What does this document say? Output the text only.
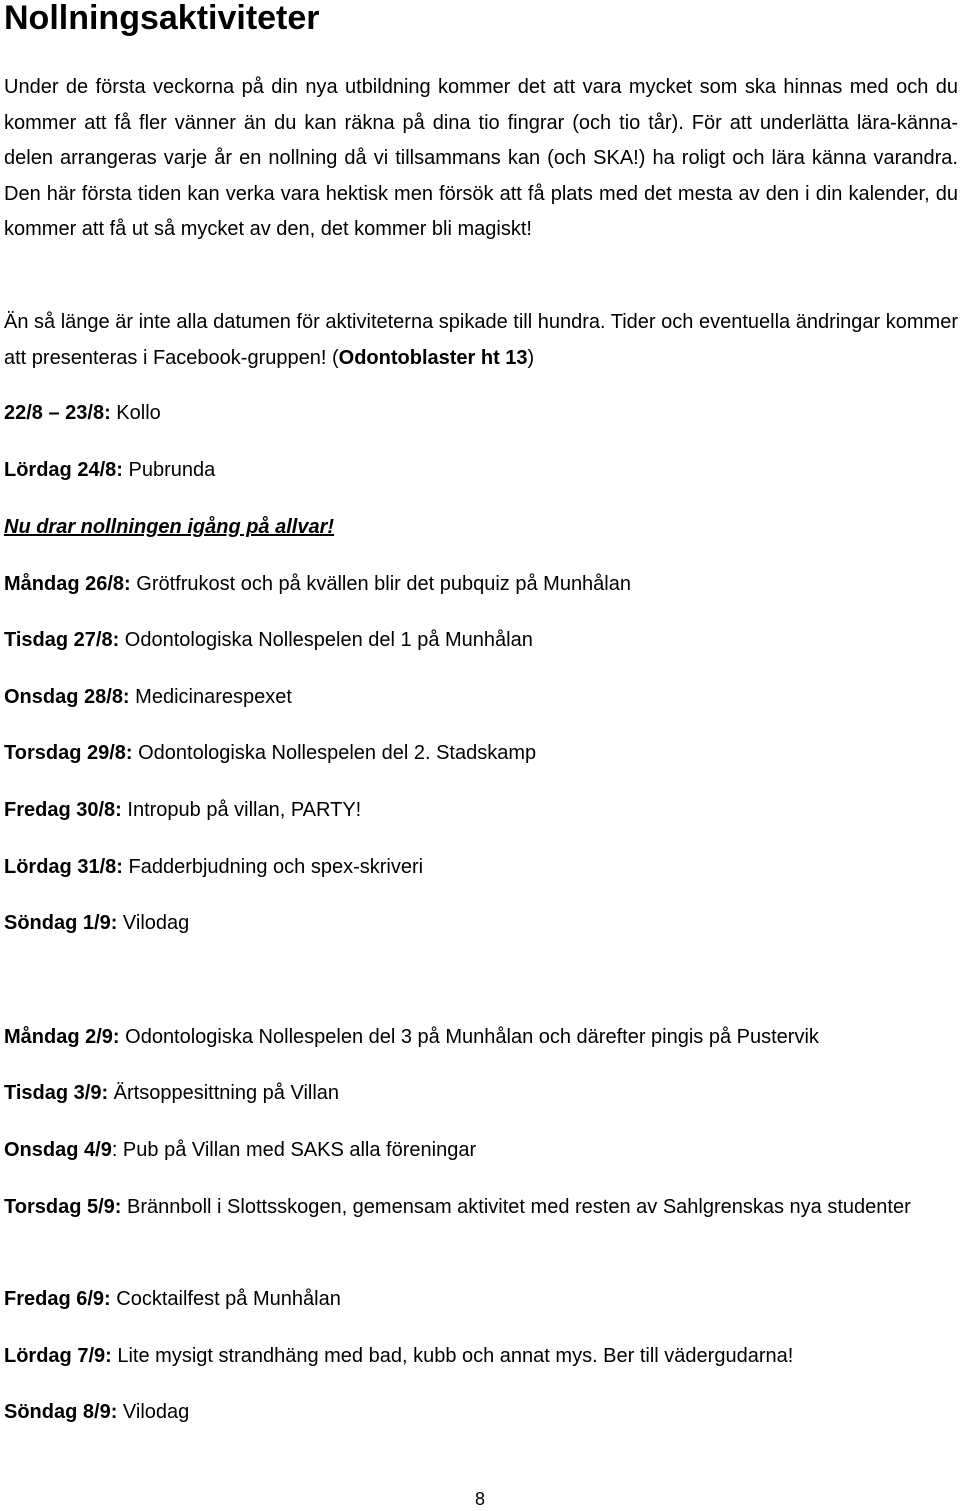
Nollningsaktiviteter

Under de första veckorna på din nya utbildning kommer det att vara mycket som ska hinnas med och du kommer att få fler vänner än du kan räkna på dina tio fingrar (och tio tår). För att underlätta lära-känna-delen arrangeras varje år en nollning då vi tillsammans kan (och SKA!) ha roligt och lära känna varandra. Den här första tiden kan verka vara hektisk men försök att få plats med det mesta av den i din kalender, du kommer att få ut så mycket av den, det kommer bli magiskt!

Än så länge är inte alla datumen för aktiviteterna spikade till hundra. Tider och eventuella ändringar kommer att presenteras i Facebook-gruppen! (Odontoblaster ht 13)

22/8 – 23/8: Kollo

Lördag 24/8: Pubrunda

Nu drar nollningen igång på allvar!

Måndag 26/8: Grötfrukost och på kvällen blir det pubquiz på Munhålan

Tisdag 27/8: Odontologiska Nollespelen del 1 på Munhålan

Onsdag 28/8: Medicinarespexet

Torsdag 29/8: Odontologiska Nollespelen del 2. Stadskamp

Fredag 30/8: Intropub på villan, PARTY!

Lördag 31/8: Fadderbjudning och spex-skriveri

Söndag 1/9: Vilodag

Måndag 2/9: Odontologiska Nollespelen del 3 på Munhålan och därefter pingis på Pustervik

Tisdag 3/9: Ärtsoppesittning på Villan

Onsdag 4/9: Pub på Villan med SAKS alla föreningar

Torsdag 5/9: Brännboll i Slottsskogen, gemensam aktivitet med resten av Sahlgrenskas nya studenter

Fredag 6/9: Cocktailfest på Munhålan

Lördag 7/9: Lite mysigt strandhäng med bad, kubb och annat mys. Ber till vädergudarna!

Söndag 8/9: Vilodag

8
